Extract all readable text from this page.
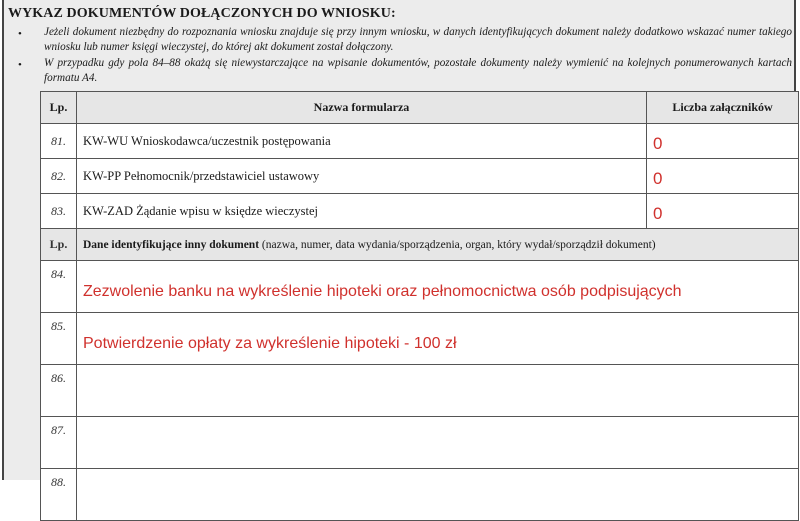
WYKAZ DOKUMENTÓW DOŁĄCZONYCH DO WNIOSKU:
• Jeżeli dokument niezbędny do rozpoznania wniosku znajduje się przy innym wniosku, w danych identyfikujących dokument należy dodatkowo wskazać numer takiego wniosku lub numer księgi wieczystej, do której akt dokument został dołączony.
• W przypadku gdy pola 84–88 okażą się niewystarczające na wpisanie dokumentów, pozostałe dokumenty należy wymienić na kolejnych ponumerowanych kartach formatu A4.
Lp.	Nazwa formularza	Liczba załączników
81.	KW-WU Wnioskodawca/uczestnik postępowania	0

82.	KW-PP Pełnomocnik/przedstawiciel ustawowy	0

83.	KW-ZAD Żądanie wpisu w księdze wieczystej	0

Lp.	Dane identyfikujące inny dokument (nazwa, numer, data wydania/sporządzenia, organ, który wydał/sporządził dokument)	
84.	Zezwolenie banku na wykreślenie hipoteki oraz pełnomocnictwa osób podpisujących	
85.	Potwierdzenie opłaty za wykreślenie hipoteki - 100 zł	
86.		
87.		
88.		
